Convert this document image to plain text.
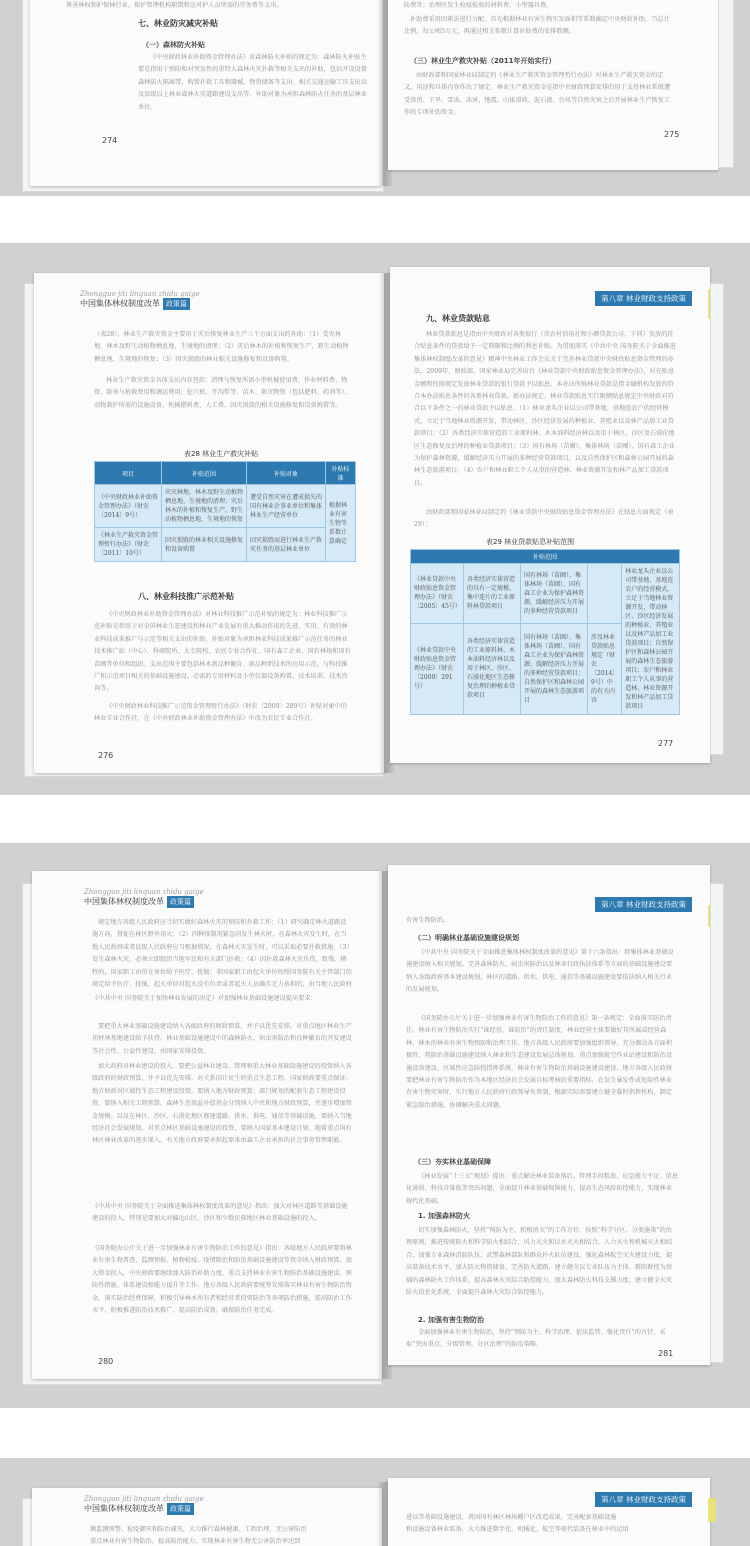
界善林权和护保林行业，保护管理机构职期和应对护人员所需的劳务费等支出。
七、林业防灾减灾补贴
（一）森林防火补贴
《中央财政林业补助资金管理办法》对森林防火补贴的规定为：森林防火补贴主要是指用于预防和对突发性的重特大森林火灾扑救等相关支出的补助，包括开设设置森林防火隔离带、购置扑救工具和器械、物资储备等支出。相关交通运输工具支出以及县级以上林业森林火灾道路建设支出等。补助对象为承担森林防火任务的基层林业单位。
274
防费等；治理区发生检疫检验的材料费、小型器具费。
补助费采用因素法进行分配。首先根据林业有害生物实发面积等系数确定中央财政补助，当总计比例，每公顷5万元，再通过相关参数计算补助费的安排数额。
（三）林业生产救灾补贴（2011年开始实行）
由财政部和国家林业局制定的《林业生产救灾资金管理暂行办法》对林业生产救灾资金的定义、用途和具体内容作出了规定。林业生产救灾资金是指中央财政预算安排的用于支持林业系统遭受洪涝、干旱、雪冻、冻害、地震、山体滑坡、泥石流、台风等自然灾害之后开展林业生产恢复工作的专项补助资金。
275
Zhongguo jiti linquan zhidu gaige
中国集体林权制度改革 政策篇
（表28）。林业生产救灾资金主要用于灾后恢复林业生产三个方面支出的补助：（1）受灾林地、林木及野生动植物栖息地、生境地的清理；（2）灾后林木的补植和恢复生产，野生动植物栖息地、生境地的恢复；（3）因灾损毁的林业相关设施修复和设备购置。
林业生产救灾资金具体支出内容包括：清理与恢复所需小型机械使用费、作业材料费、物资、除害与抢救费用和调运费用、挖穴机、开沟犁等、苗木、救灾物资（包括肥料、药剂等）、动物救护所需的设施设备、机械燃料费、人工费、因灾损毁的相关设施修复和设备购置等。
表28 林业生产救灾补贴
项目	补贴范围	补贴对象	补贴标准
《中央财政林业补助资金管理办法》（财农〔2014〕9号）	灾灾林地、林木及野生动植物栖息地、生境地的清理；灾后林木的补植和恢复生产，野生动植物栖息地、生境地的恢复	遭受自然灾害在遭成损失的国有林业企事业单位和集体林业生产经营单位	根据林业有害生物等系数计算确定
《林业生产救灾资金管理暂行办法》（财农〔2011〕10号）	因灾损毁的林业相关设施修复和设备购置	因灾损毁而进行林业生产救灾任务的基层林业单位	
八、林业科技推广示范补贴
《中央财政林业补助资金管理办法》对林业科技推广示范补贴的规定为：林业科技推广示范补贴是指用于对全国林业生态建设和林业产业发展有重大推动作用的先进、实用、有效的林业科技成果推广与示范等相关支出的补助，补贴对象为承担林业科技成果推广示范任务的林业技术推广站（中心）、科研院所、大专院校、农民专业合作社、国有森工企业、国有林场和国有苗圃等单位和组织。支出范围主要包括林木新品种繁育、新品种新技术的应用示范、与科技推广和示范项目相关的基础设施建设、必需的专用材料及小型仪器设备购置、技术培训、技术咨询等。
《中央财政林业科技推广示范资金管理暂行办法》（财农〔2009〕289号）补贴对象中的林业专业合作社，在《中央财政林业补助资金管理办法》中改为农民专业合作社。
276
第八章 林业财政支持政策
九、林业贷款贴息
林业贷款贴息是指由中央财政对各类银行（含农村信用社和小额贷款公司，下同）发放的符合贴息条件的贷款给予一定期限和比例的利息补贴。为贯彻落实《中共中央 国务院关于全面推进集体林权制度改革的意见》精神中央林业工作会议关于完善林业贷款中央财政贴息资金管理的办法，2009年，财政部、国家林业局完善出台《林业贷款中央财政贴息资金管理办法》，对在贴息金额和按照规定发放林业贷款的银行贷款予以贴息。本办法所称林业贷款是指金融机构发放的符合本办法贴息条件的各类林业贷款。新办法规定，林业贷款贴息实行限额贴息规定中央财政对符合以下条件之一的林业贷款予以贴息：（1）林业龙头企业以公司带基地、基地连农户的经营模式，立足于当地林业资源开发，带动林区、沙区经济发展的种植业、养殖业以及林产品加工业贷款项目；（2）各类经济实体营造的工业原料林、木本油料经济林以及用于林区、沙区及石漠化地区生态修复及治理的种植业贷款项目；（3）国有林场（苗圃）、集体林场（苗圃）、国有森工企业为保护森林资源，缓解经济压力开展的多种经营贷款项目，以及自然保护区和森林公园开展的森林生态旅游项目。（4）农户和林业职工个人从事的营造林、林业资源开发和林产品加工贷款项目。
由财政部和国家林业局制定的《林业贷款中央财政贴息资金管理办法》在贴息方面规定（表29）：
表29 林业贷款贴息补贴范围
补贴范围				
《林业贷款中央财政贴息资金管理办法》（财农〔2005〕45号）	各类经济实体营造的具有一定规模、集中连片的工业原料林贷款项目	国有林场（苗圃）、集体林场（苗圃）、国有森工企业为保护森林资源，缓解经济压力开展的多种经营贷款项目		林业龙头企业以公司带基地、基地连农户的经营模式，立足于当地林业资源开发，带动林区、沙区经济发展的种植业、养殖业以及林产品加工业贷款项目；自然保护区和森林公园开展的森林生态旅游项目；农户和林业职工个人从事的营造林、林业资源开发和林产品加工贷款项目
《林业贷款中央财政贴息资金管理办法》（财农〔2009〕291号）	各类经济实体营造的工业原料林、木本油料经济林以及用于林区、沙区、石漠化地区生态修复治理的种植业贷款项目	国有林场（苗圃）、集体林场（苗圃）、国有森工企业为保护森林资源、缓解经济压力开展的多种经营贷款项目；自然保护区和森林公园开展的森林生态旅游项目	涉及林业贷款贴息规定（财农〔2014〕9号）中的有关内容	
277
Zhongguo jiti linquan zhidu gaige
中国集体林权制度改革 政策篇
规定地方各级人民政府应当切实做好森林火灾的预防和扑救工作：（1）研究确定林火道路设施方向，督促在林区野外用火；（2）四种体制况紧急同发生林火时，在森林火灾发生时，在当地人民政府或者县级人民政府应当根据情况，在森林火灾发生时，可以采取必要扑救措施；（3）发生森林火灾，必须立即组织当地军民和有关部门扑救；（4）因扑救森林火灾负伤、致残、牺牲的，国家职工由所在单位给予医疗、抚恤；非国家职工由起火单位按照国务院有关主管部门的规定给予医疗、抚恤，起火单位对起火没有负责或者起火人员确实无力承担的，由当地人民政府
《中共中央 国务院关于加快林业发展的决定》对加强林业基础设施建设提出要求：
要把重大林业基础设施建设纳入各级政府的财政预算，并予以优先安排。对重点地区林业生产用材林基地建设给予扶持，林业基础设施建设中的森林防火、病虫害防治和良种繁育的开发建设等社会性、公益性建设，由国家安排投资。
加大政府对林业建设的投入。要把公益林业建设、管理和重大林业基础设施建设的投资纳入各级政府的财政预算，并予以优先安排。对关系国计民生的重点生态工程，国家财政要重点保证；地方财政对区域性生态工程建设投资，要纳入地方财政预算；部门规划的配套生态工程建设投资，要纳入相关工程预算。森林生态效益补偿基金分别纳入中央和地方财政预算，并逐步增加资金规模。以及在林区、沙区、石漠化地区修建道路、供水、供电、通信等基础设施，要纳入当地经济社会发展规划。对重点林区基础设施建设的投资，要纳入国家基本建设计划。随着重点国有林区林业改革的逐步深入，有关地方政府要承担起原来由森工企业承担的社会事务管理职能。
《中共中央 国务院关于全面推进集体林权制度改革的意见》指出：加大对林区道路等基础设施建设的投入，特别是要加大对偏远山区、沙区和少数民族地区林业基础设施的投入。
《国务院办公厅关于进一步加强林业有害生物防治工作的意见》指出：各级地方人民政府要将林业有害生物普查、监测预报、植物检疫、疫情除治和防治基础设施建设等资金纳入财政预算。加大资金投入，中央财政要继续加大防治补助力度，重点支持林业有害生物防治基础设施建设、预防性措施、体系建设和能力提升等工作。地方各级人民政府要统筹安排落实林业有害生物防治资金，落实防治经费保障，积极引导林木所有者和经营者投资防治等各项防治措施，提高防治工作水平，积极推进防治技术推广，提高防治成效，确保防治任务完成。
280
第八章 林业财政支持政策
有害生物防治。
（二）明确林业基础设施建设规划
《中共中央 国务院关于全面推进集体林权制度改革的意见》第十六条指出：将集体林业基础设施建设纳入相关规划。完善森林防火、病虫害防治以及林业行政执法体系等方面的基础设施建设要纳入各级政府基本建设规划。林区的道路、供水、供电、通信等基础设施建设要依法纳入相关行业的发展规划。
《国务院办公厅关于进一步加强林业有害生物防治工作的意见》第一条规定：全面落实防治责任。林业有害生物防治实行“谁经营、谁防治”的责任制度，林业经营主体要做好其所属或经营森林、林木的林业有害生物预防和治理工作。地方各级人民政府要加强组织领导，充分调动各方面积极性，将防治基础设施建设纳入林业和生态建设发展总体规划。重点加强航空作业站建设和防治设施设备建设，区域性应急防控指挥系统、林业有害生物防治基础设施建设建设，地方各级人民政府要把林业有害生物防治作为本地区经济社会发展目标考核的重要指标。在发生暴发性或危险性林业有害生物灾害时，实行地方人民政府行政领导负责制，根据实际需要建立健全临时指挥机构，制定紧急除治措施，协调解决重大问题。
（三）夯实林业基础保障
《林业发展“十三五”规划》提出：重点解决林业装备落后，管理手段粗放，应急能力不足、信息化薄弱、科技含量低等突出问题，全面提升林业基础保障能力，提高生态风险防控能力，实现林业现代化基础。
1. 加强森林防火
切实加强森林防火，坚持“预防为主、积极消灭”的工作方针，按照“科学分区、分类施策”的治理原则，推进传统防火和科学防火相结合，风力灭火和以水灭火相结合，人力灭火和机械灭火相结合，加强专业森林消防队伍、武警森林部队和群众扑火队伍建设，强化森林航空灭火建设力度，提高装备技术水平，加大防火物资储备，完善防火道路，建立健全以专业队伍为主体、群防群控为基础的森林防火工作体系，提高森林火灾综合防控能力，加大森林防火科技支撑力度，建立健全火灾防火信息化系统，全面提升森林火灾综合防控能力。
2. 加强有害生物防治
全面加强林业有害生物防治，坚持“预防为主、科学治理、依法监管、强化责任”的方针，采取“突出重点、分级管理、分区治理”的防治策略。
281
Zhongguo jiti linquan zhidu gaige
中国集体林权制度改革 政策篇
测监测预警、检疫御灾和防治减灾，大力推行森林健康、工程治理，无公害防治
重点林业有害生物防治，提高防治能力，实现林业有害生物无公害防治率达到
第八章 林业财政支持政策
进以等基础设施建设，巩固国有林区林场棚户区改造成果，完善配套基础设施
和设施设备林业装备，大力推进数字化、机械化、航空等现代装备在林业中的运用
